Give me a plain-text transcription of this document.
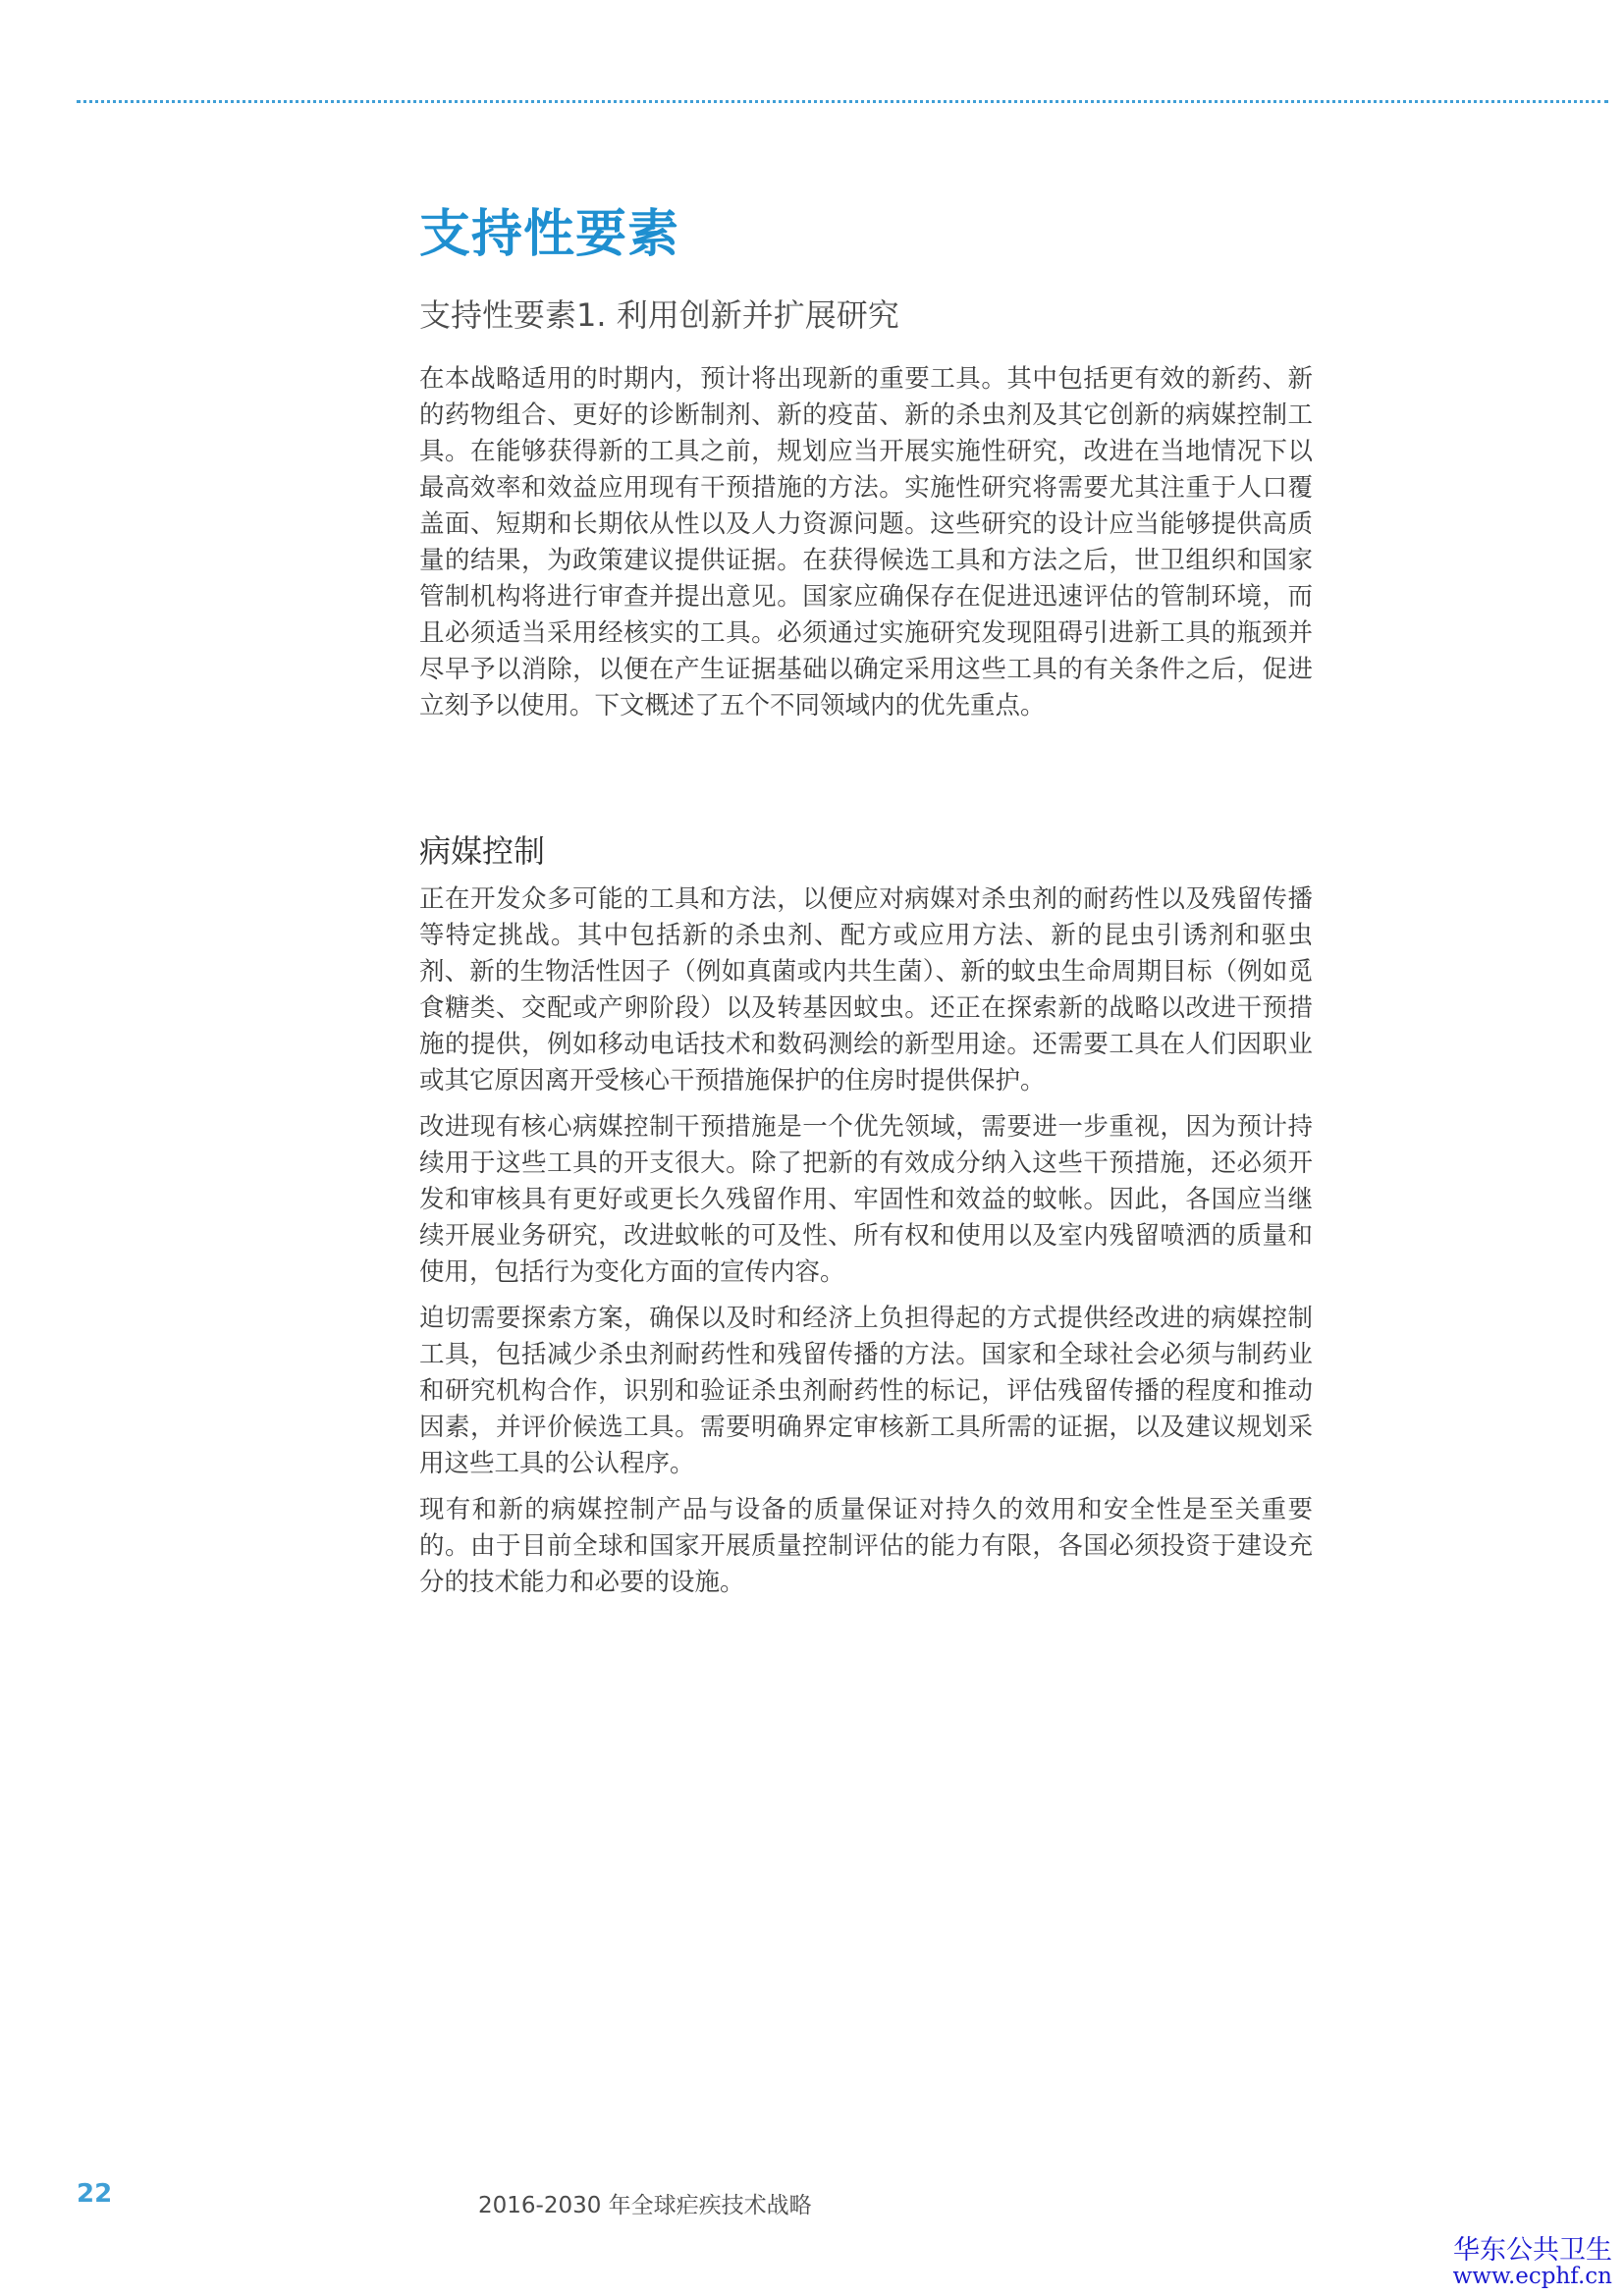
支持性要素
支持性要素1. 利用创新并扩展研究

在本战略适用的时期内，预计将出现新的重要工具。其中包括更有效的新药、新的药物组合、更好的诊断制剂、新的疫苗、新的杀虫剂及其它创新的病媒控制工具。在能够获得新的工具之前，规划应当开展实施性研究，改进在当地情况下以最高效率和效益应用现有干预措施的方法。实施性研究将需要尤其注重于人口覆盖面、短期和长期依从性以及人力资源问题。这些研究的设计应当能够提供高质量的结果，为政策建议提供证据。在获得候选工具和方法之后，世卫组织和国家管制机构将进行审查并提出意见。国家应确保存在促进迅速评估的管制环境，而且必须适当采用经核实的工具。必须通过实施研究发现阻碍引进新工具的瓶颈并尽早予以消除，以便在产生证据基础以确定采用这些工具的有关条件之后，促进立刻予以使用。下文概述了五个不同领域内的优先重点。

病媒控制

正在开发众多可能的工具和方法，以便应对病媒对杀虫剂的耐药性以及残留传播等特定挑战。其中包括新的杀虫剂、配方或应用方法、新的昆虫引诱剂和驱虫剂、新的生物活性因子（例如真菌或内共生菌）、新的蚊虫生命周期目标（例如觅食糖类、交配或产卵阶段）以及转基因蚊虫。还正在探索新的战略以改进干预措施的提供，例如移动电话技术和数码测绘的新型用途。还需要工具在人们因职业或其它原因离开受核心干预措施保护的住房时提供保护。

改进现有核心病媒控制干预措施是一个优先领域，需要进一步重视，因为预计持续用于这些工具的开支很大。除了把新的有效成分纳入这些干预措施，还必须开发和审核具有更好或更长久残留作用、牢固性和效益的蚊帐。因此，各国应当继续开展业务研究，改进蚊帐的可及性、所有权和使用以及室内残留喷洒的质量和使用，包括行为变化方面的宣传内容。

迫切需要探索方案，确保以及时和经济上负担得起的方式提供经改进的病媒控制工具，包括减少杀虫剂耐药性和残留传播的方法。国家和全球社会必须与制药业和研究机构合作，识别和验证杀虫剂耐药性的标记，评估残留传播的程度和推动因素，并评价候选工具。需要明确界定审核新工具所需的证据，以及建议规划采用这些工具的公认程序。

现有和新的病媒控制产品与设备的质量保证对持久的效用和安全性是至关重要的。由于目前全球和国家开展质量控制评估的能力有限，各国必须投资于建设充分的技术能力和必要的设施。

22	2016-2030 年全球疟疾技术战略
华东公共卫生
www.ecphf.cn
